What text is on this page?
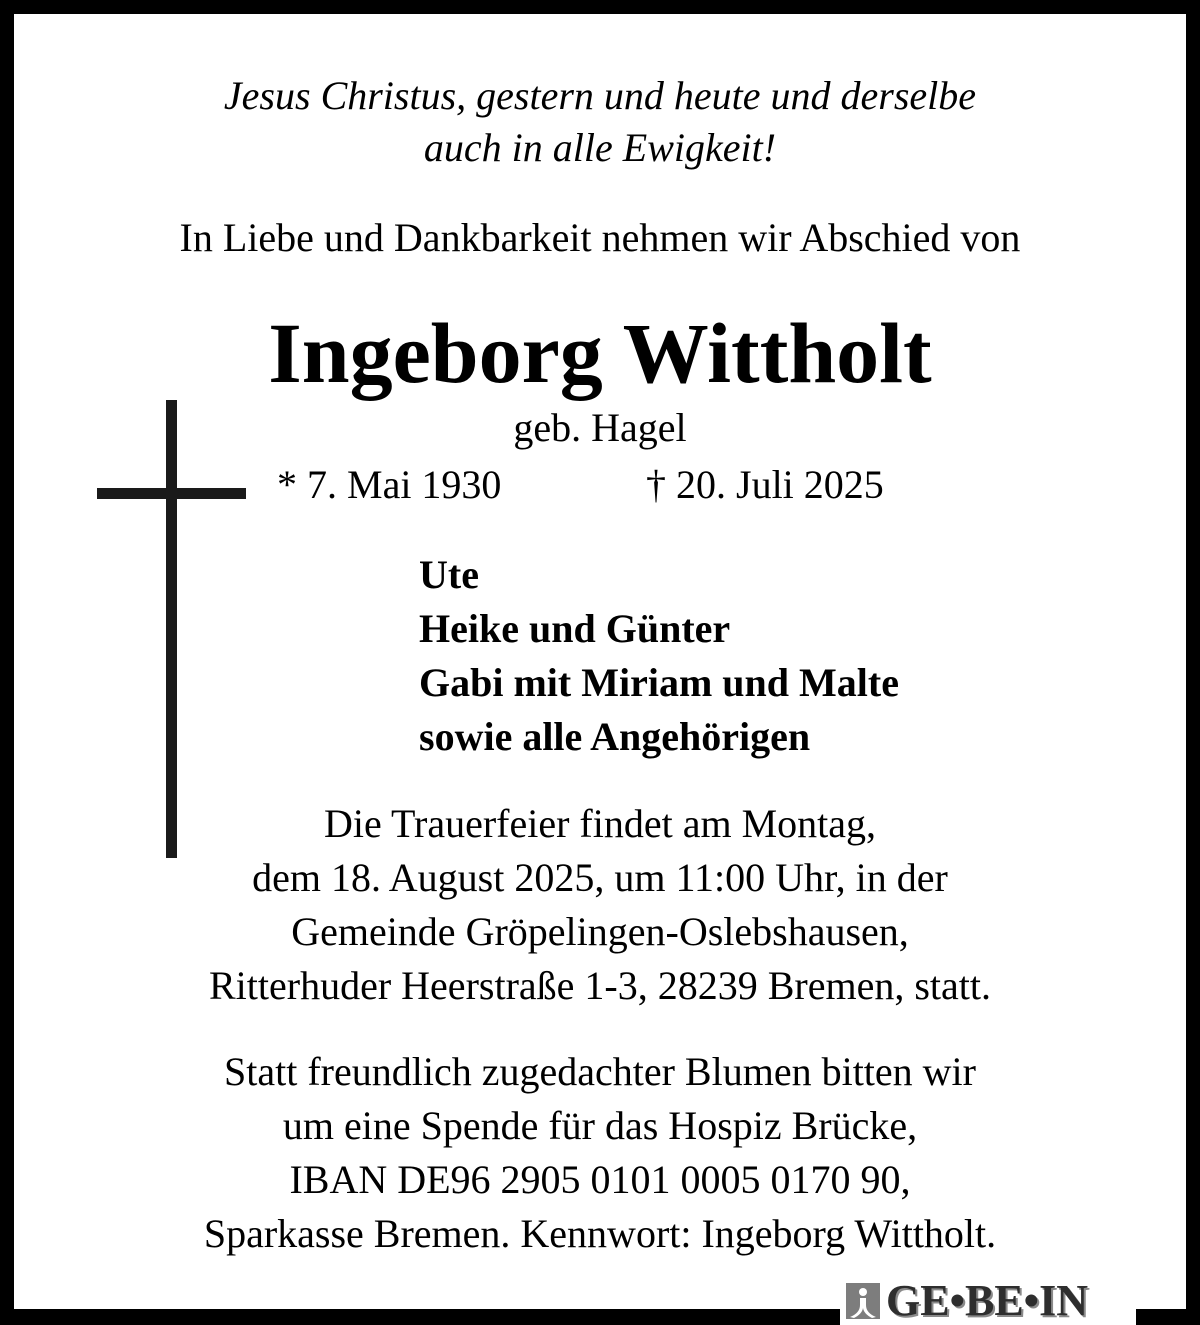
Jesus Christus, gestern und heute und derselbe
auch in alle Ewigkeit!
In Liebe und Dankbarkeit nehmen wir Abschied von
Ingeborg Wittholt
geb. Hagel
* 7. Mai 1930	† 20. Juli 2025
Ute
Heike und Günter
Gabi mit Miriam und Malte
sowie alle Angehörigen
Die Trauerfeier findet am Montag,
dem 18. August 2025, um 11:00 Uhr, in der
Gemeinde Gröpelingen-Oslebshausen,
Ritterhuder Heerstraße 1-3, 28239 Bremen, statt.
Statt freundlich zugedachter Blumen bitten wir
um eine Spende für das Hospiz Brücke,
IBAN DE96 2905 0101 0005 0170 90,
Sparkasse Bremen. Kennwort: Ingeborg Wittholt.
GE•BE•IN
